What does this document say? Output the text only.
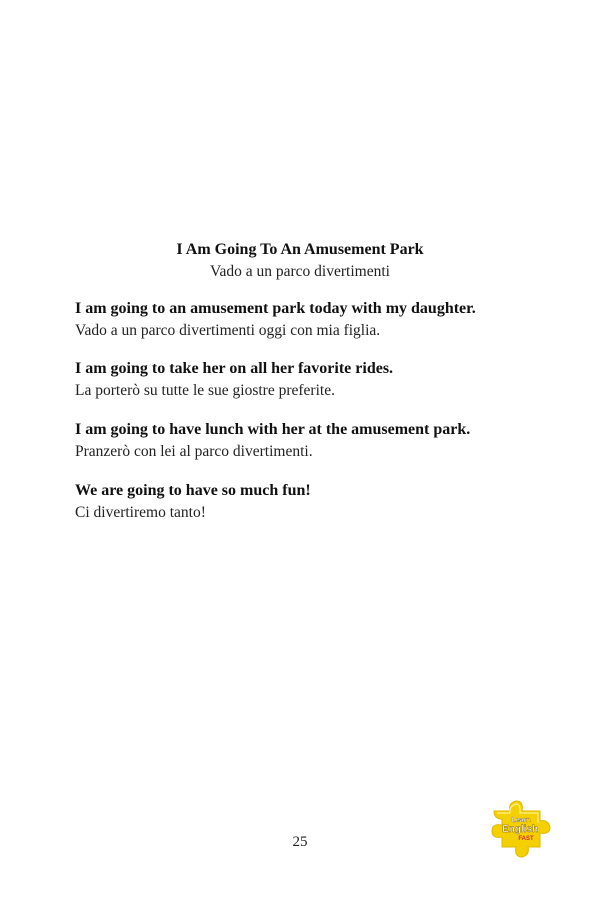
I Am Going To An Amusement Park
Vado a un parco divertimenti
I am going to an amusement park today with my daughter.
Vado a un parco divertimenti oggi con mia figlia.
I am going to take her on all her favorite rides.
La porterò su tutte le sue giostre preferite.
I am going to have lunch with her at the amusement park.
Pranzerò con lei al parco divertimenti.
We are going to have so much fun!
Ci divertiremo tanto!
25
Learn
English
FAST
